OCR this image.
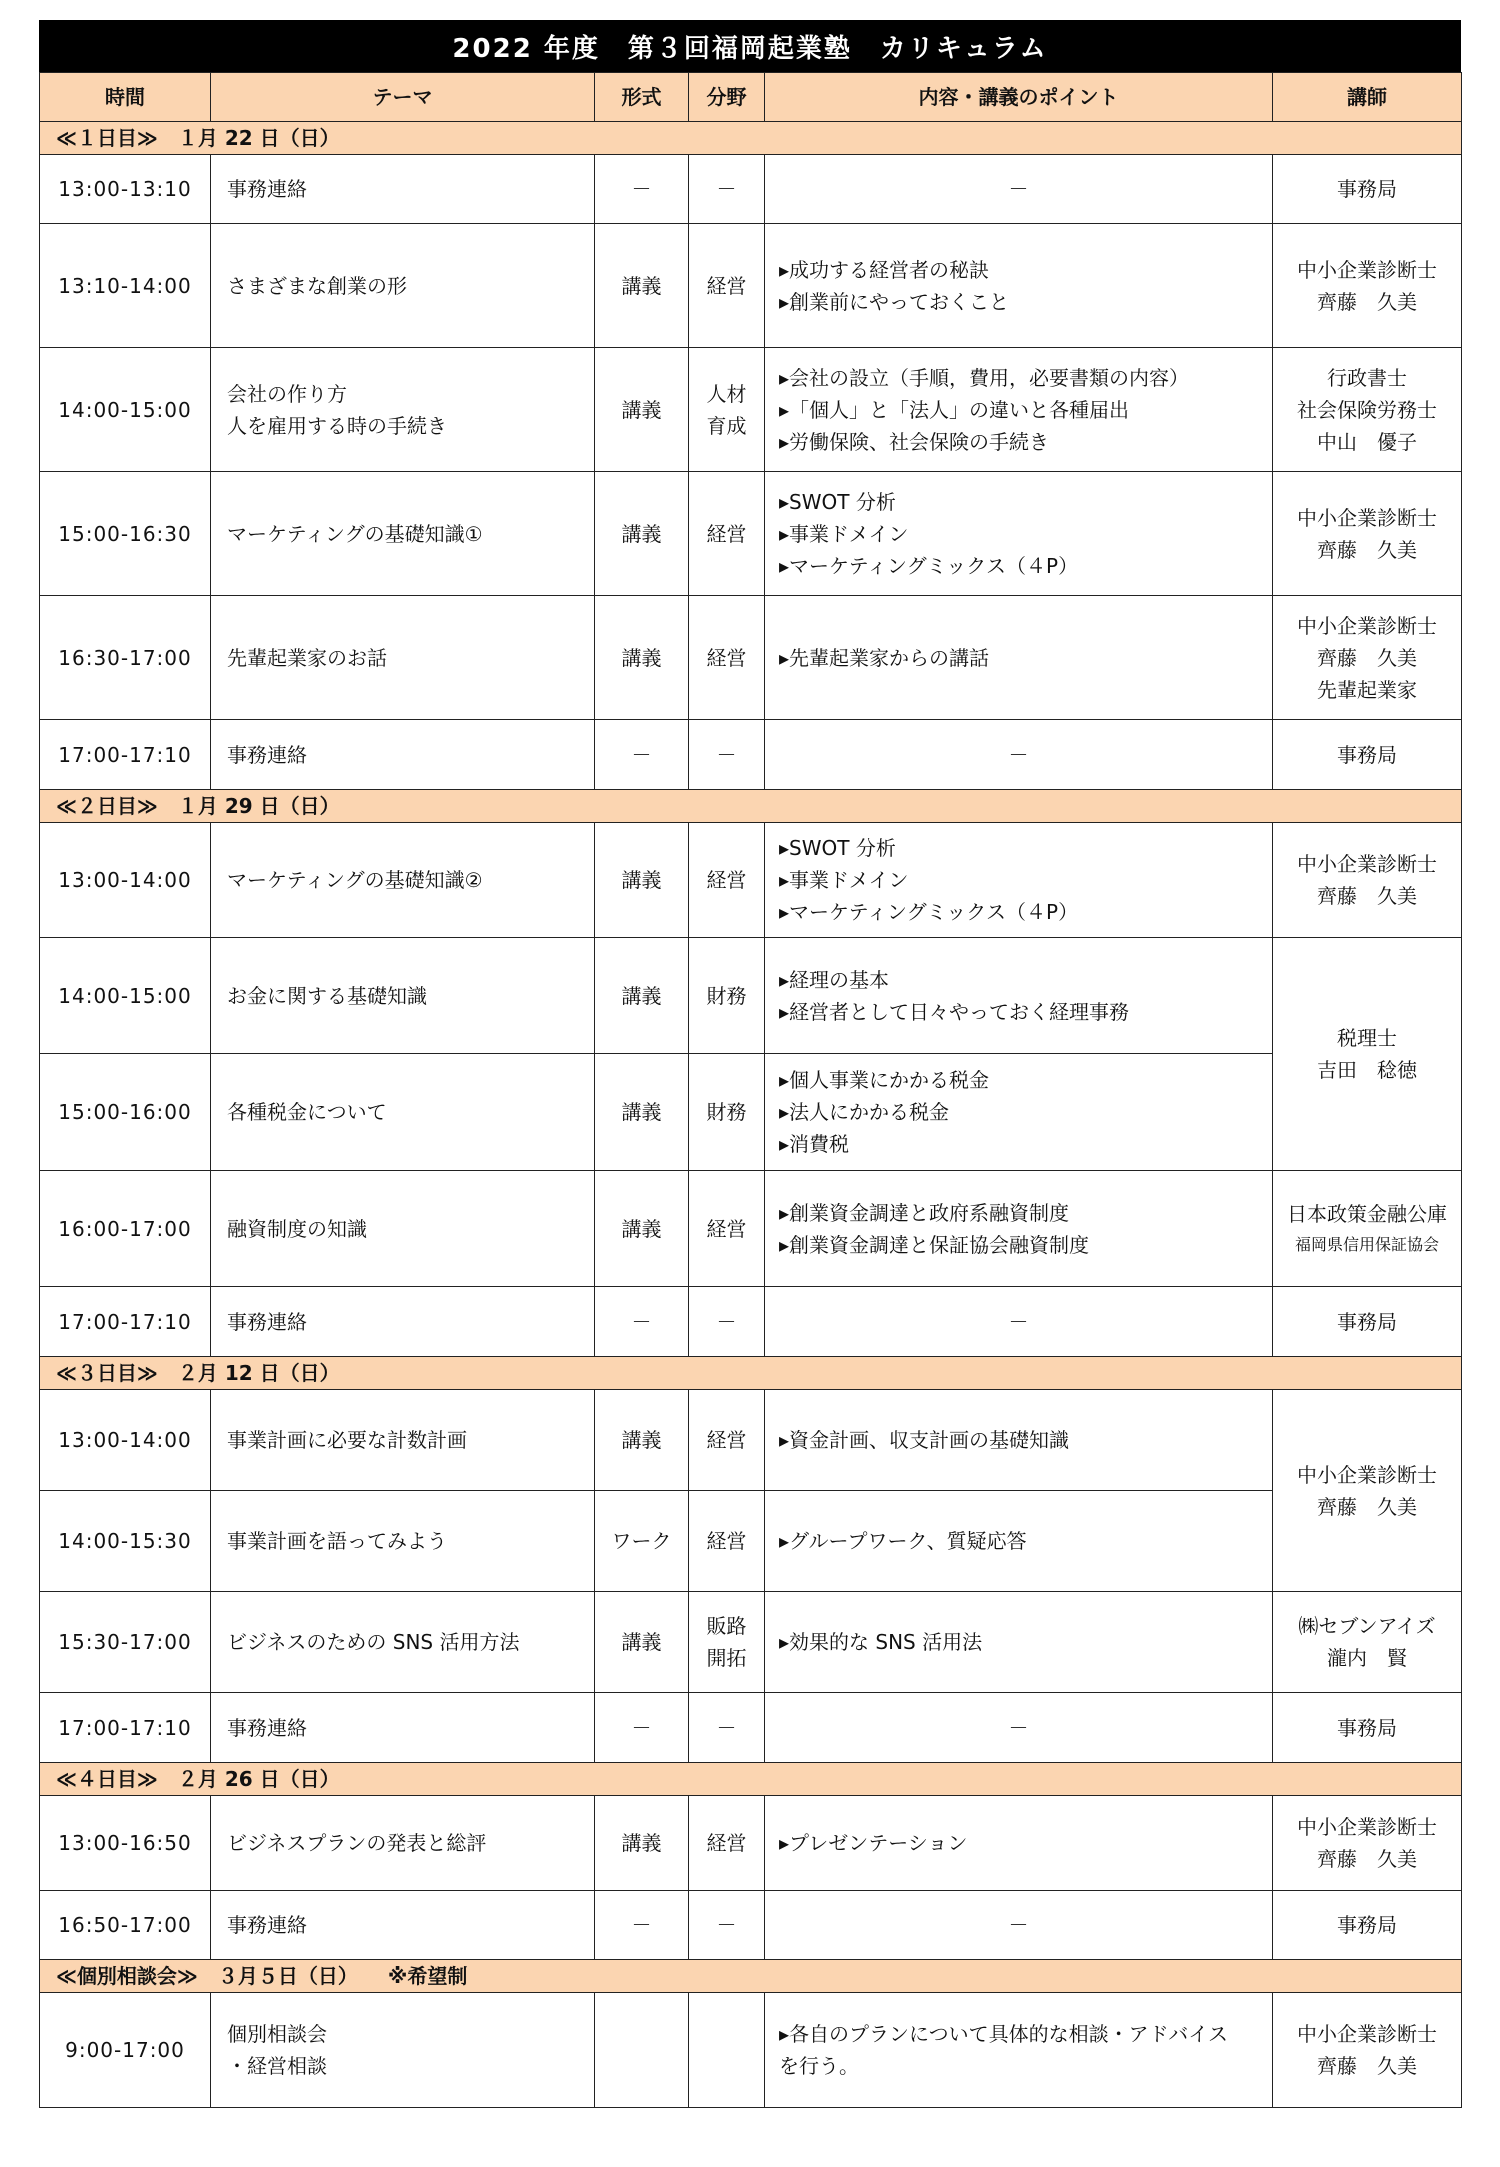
2022 年度　第３回福岡起業塾　カリキュラム
時間	テーマ	形式	分野	内容・講義のポイント	講師
≪１日目≫　１月 22 日（日）					
13:00-13:10	事務連絡	－	－	－	事務局

13:10-14:00	さまざまな創業の形	講義	経営	▸成功する経営者の秘訣
▸創業前にやっておくこと	中小企業診断士
齊藤　久美

14:00-15:00	会社の作り方
人を雇用する時の手続き	講義	人材
育成	▸会社の設立（手順，費用，必要書類の内容）
▸「個人」と「法人」の違いと各種届出
▸労働保険、社会保険の手続き	行政書士
社会保険労務士
中山　優子

15:00-16:30	マーケティングの基礎知識①	講義	経営	▸SWOT 分析
▸事業ドメイン
▸マーケティングミックス（４P）	中小企業診断士
齊藤　久美

16:30-17:00	先輩起業家のお話	講義	経営	▸先輩起業家からの講話	中小企業診断士
齊藤　久美
先輩起業家

17:00-17:10	事務連絡	－	－	－	事務局

≪２日目≫　１月 29 日（日）					
13:00-14:00	マーケティングの基礎知識②	講義	経営	▸SWOT 分析
▸事業ドメイン
▸マーケティングミックス（４P）	中小企業診断士
齊藤　久美

14:00-15:00	お金に関する基礎知識	講義	財務	▸経理の基本
▸経営者として日々やっておく経理事務	税理士
吉田　稔徳

15:00-16:00	各種税金について	講義	財務	▸個人事業にかかる税金
▸法人にかかる税金
▸消費税	

16:00-17:00	融資制度の知識	講義	経営	▸創業資金調達と政府系融資制度
▸創業資金調達と保証協会融資制度	日本政策金融公庫
福岡県信用保証協会

17:00-17:10	事務連絡	－	－	－	事務局

≪３日目≫　２月 12 日（日）					
13:00-14:00	事業計画に必要な計数計画	講義	経営	▸資金計画、収支計画の基礎知識	中小企業診断士
齊藤　久美

14:00-15:30	事業計画を語ってみよう	ワーク	経営	▸グループワーク、質疑応答	

15:30-17:00	ビジネスのための SNS 活用方法	講義	販路
開拓	▸効果的な SNS 活用法	㈱セブンアイズ
瀧内　賢

17:00-17:10	事務連絡	－	－	－	事務局

≪４日目≫　２月 26 日（日）					
13:00-16:50	ビジネスプランの発表と総評	講義	経営	▸プレゼンテーション	中小企業診断士
齊藤　久美

16:50-17:00	事務連絡	－	－	－	事務局

≪個別相談会≫　３月５日（日）　　※希望制					
9:00-17:00	個別相談会
・経営相談			▸各自のプランについて具体的な相談・アドバイス
を行う。	中小企業診断士
齊藤　久美
